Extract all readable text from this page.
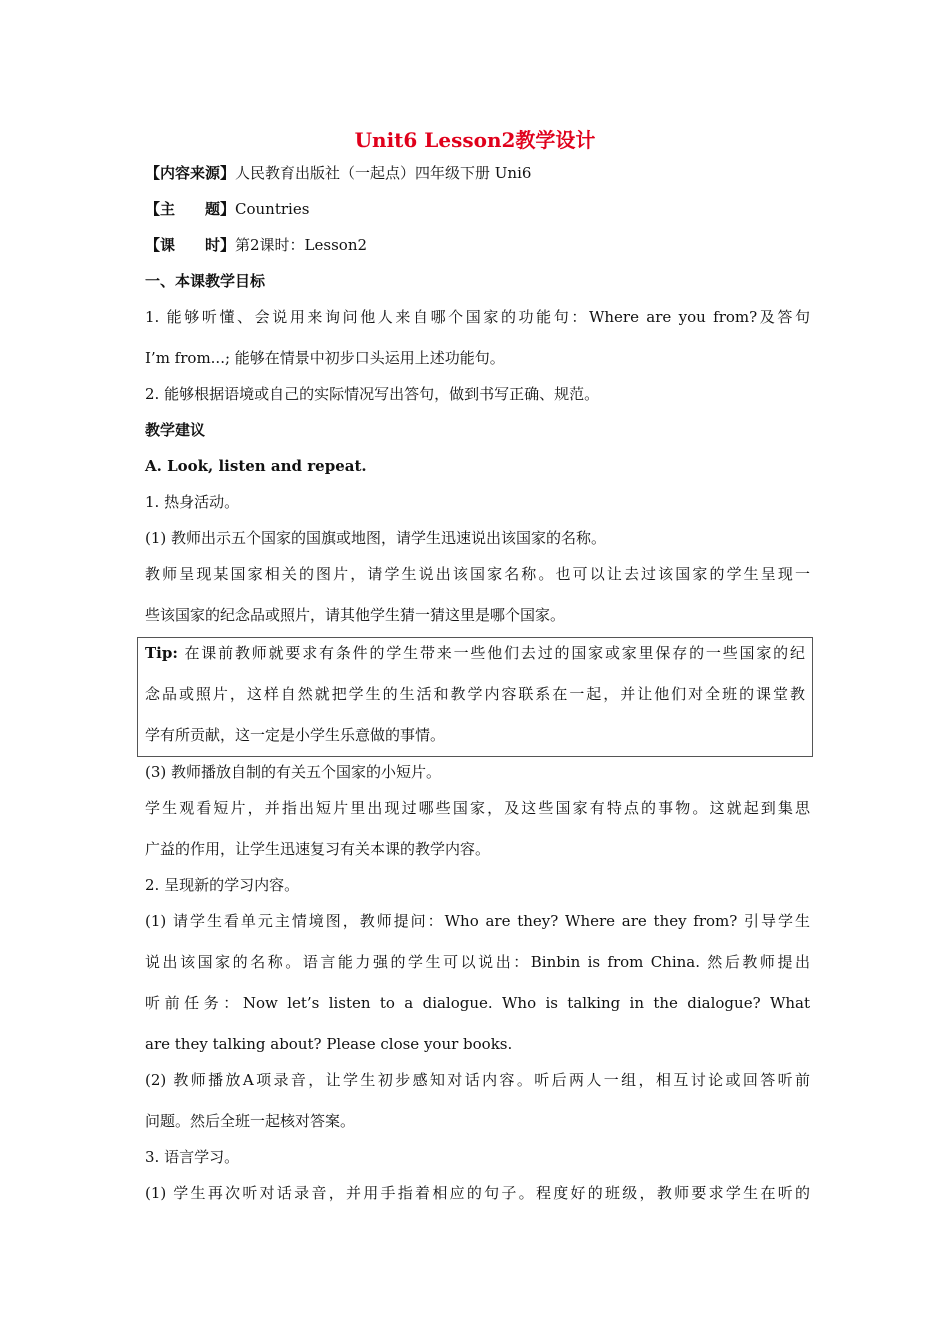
Unit6 Lesson2教学设计
【内容来源】人民教育出版社（一起点）四年级下册 Uni6
【主　　题】Countries
【课　　时】第2课时：Lesson2
一、本课教学目标
1. 能够听懂、会说用来询问他人来自哪个国家的功能句：Where are you from?及答句
I’m from...; 能够在情景中初步口头运用上述功能句。
2. 能够根据语境或自己的实际情况写出答句，做到书写正确、规范。
教学建议
A. Look, listen and repeat.
1. 热身活动。
(1) 教师出示五个国家的国旗或地图，请学生迅速说出该国家的名称。
教师呈现某国家相关的图片，请学生说出该国家名称。也可以让去过该国家的学生呈现一
些该国家的纪念品或照片，请其他学生猜一猜这里是哪个国家。
Tip: 在课前教师就要求有条件的学生带来一些他们去过的国家或家里保存的一些国家的纪
念品或照片，这样自然就把学生的生活和教学内容联系在一起，并让他们对全班的课堂教
学有所贡献，这一定是小学生乐意做的事情。
(3) 教师播放自制的有关五个国家的小短片。
学生观看短片，并指出短片里出现过哪些国家，及这些国家有特点的事物。这就起到集思
广益的作用，让学生迅速复习有关本课的教学内容。
2. 呈现新的学习内容。
(1) 请学生看单元主情境图，教师提问：Who are they? Where are they from? 引导学生
说出该国家的名称。语言能力强的学生可以说出：Binbin is from China. 然后教师提出
听前任务：Now let’s listen to a dialogue. Who is talking in the dialogue? What
are they talking about? Please close your books.
(2) 教师播放A项录音，让学生初步感知对话内容。听后两人一组，相互讨论或回答听前
问题。然后全班一起核对答案。
3. 语言学习。
(1) 学生再次听对话录音，并用手指着相应的句子。程度好的班级，教师要求学生在听的
